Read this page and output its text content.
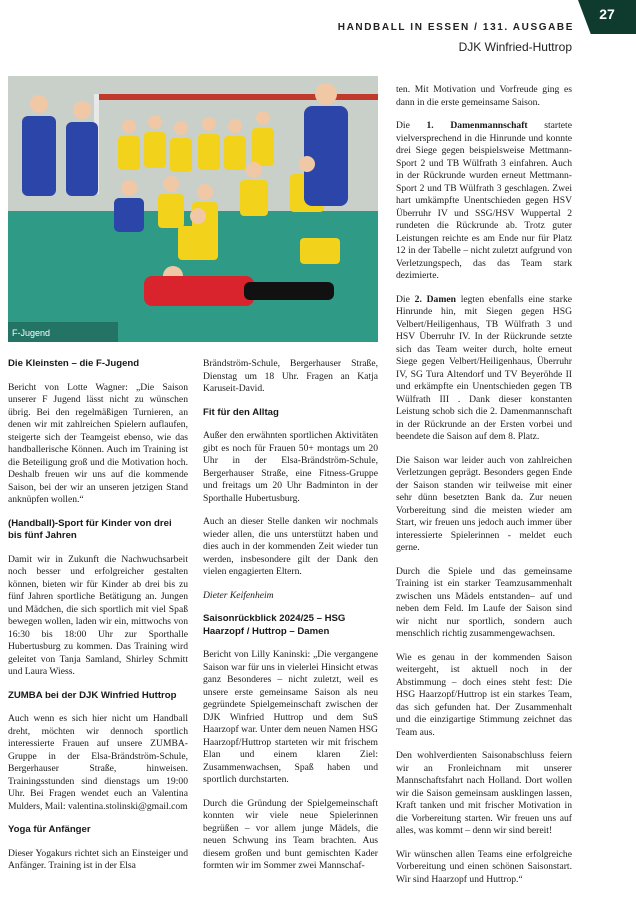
HANDBALL IN ESSEN / 131. AUSGABE
DJK Winfried-Huttrop
27
F-Jugend
Die Kleinsten – die F-Jugend

Bericht von Lotte Wagner: „Die Saison unserer F Jugend lässt nicht zu wünschen übrig. Bei den regelmäßigen Turnieren, an denen wir mit zahlreichen Spielern auflaufen, steigerte sich der Teamgeist ebenso, wie das handballerische Können. Auch im Training ist die Beteiligung groß und die Motivation hoch. Deshalb freuen wir uns auf die kommende Saison, bei der wir an unseren jetzigen Stand anknüpfen wollen.“

(Handball)-Sport für Kinder von drei bis fünf Jahren

Damit wir in Zukunft die Nachwuchsarbeit noch besser und erfolgreicher gestalten können, bieten wir für Kinder ab drei bis zu fünf Jahren sportliche Betätigung an. Jungen und Mädchen, die sich sportlich mit viel Spaß bewegen wollen, laden wir ein, mittwochs von 16:30 bis 18:00 Uhr zur Sporthalle Hubertusburg zu kommen. Das Training wird geleitet von Tanja Samland, Shirley Schmitt und Laura Wiess.

ZUMBA bei der DJK Winfried Huttrop

Auch wenn es sich hier nicht um Handball dreht, möchten wir dennoch sportlich interessierte Frauen auf unsere ZUMBA-Gruppe in der Elsa-Brändström-Schule, Bergerhauser Straße, hinweisen. Trainingsstunden sind dienstags um 19:00 Uhr. Bei Fragen wendet euch an Valentina Mulders, Mail: valentina.stolinski@gmail.com

Yoga für Anfänger

Dieser Yogakurs richtet sich an Einsteiger und Anfänger. Training ist in der Elsa

Brändström-Schule, Bergerhauser Straße, Dienstag um 18 Uhr. Fragen an Katja Karuseit-David.

Fit für den Alltag

Außer den erwähnten sportlichen Aktivitäten gibt es noch für Frauen 50+ montags um 20 Uhr in der Elsa-Brändström-Schule, Bergerhauser Straße, eine Fitness-Gruppe und freitags um 20 Uhr Badminton in der Sporthalle Hubertusburg.

Auch an dieser Stelle danken wir nochmals wieder allen, die uns unterstützt haben und dies auch in der kommenden Zeit wieder tun werden, insbesondere gilt der Dank den vielen engagierten Eltern.

Dieter Keifenheim

Saisonrückblick 2024/25 – HSG Haarzopf / Huttrop – Damen

Bericht von Lilly Kaninski: „Die vergangene Saison war für uns in vielerlei Hinsicht etwas ganz Besonderes – nicht zuletzt, weil es unsere erste gemeinsame Saison als neu gegründete Spielgemeinschaft zwischen der DJK Winfried Huttrop und dem SuS Haarzopf war. Unter dem neuen Namen HSG Haarzopf/Huttrop starteten wir mit frischem Elan und einem klaren Ziel: Zusammenwachsen, Spaß haben und sportlich durchstarten.

Durch die Gründung der Spielgemeinschaft konnten wir viele neue Spielerinnen begrüßen – vor allem junge Mädels, die neuen Schwung ins Team brachten. Aus diesem großen und bunt gemischten Kader formten wir im Sommer zwei Mannschaf-

ten. Mit Motivation und Vorfreude ging es dann in die erste gemeinsame Saison.

Die 1. Damenmannschaft startete vielversprechend in die Hinrunde und konnte drei Siege gegen beispielsweise Mettmann-Sport 2 und TB Wülfrath 3 einfahren. Auch in der Rückrunde wurden erneut Mettmann-Sport 2 und TB Wülfrath 3 geschlagen. Zwei hart umkämpfte Unentschieden gegen HSV Überruhr IV und SSG/HSV Wuppertal 2 rundeten die Rückrunde ab. Trotz guter Leistungen reichte es am Ende nur für Platz 12 in der Tabelle – nicht zuletzt aufgrund von Verletzungspech, das das Team stark dezimierte.

Die 2. Damen legten ebenfalls eine starke Hinrunde hin, mit Siegen gegen HSG Velbert/Heiligenhaus, TB Wülfrath 3 und HSV Überruhr IV. In der Rückrunde setzte sich das Team weiter durch, holte erneut Siege gegen Velbert/Heiligenhaus, Überruhr IV, SG Tura Altendorf und TV Beyeröhde II und erkämpfte ein Unentschieden gegen TB Wülfrath III . Dank dieser konstanten Leistung schob sich die 2. Damenmannschaft in der Rückrunde an der Ersten vorbei und beendete die Saison auf dem 8. Platz.

Die Saison war leider auch von zahlreichen Verletzungen geprägt. Besonders gegen Ende der Saison standen wir teilweise mit einer sehr dünn besetzten Bank da. Zur neuen Vorbereitung sind die meisten wieder am Start, wir freuen uns jedoch auch immer über interessierte Spielerinnen - meldet euch gerne.

Durch die Spiele und das gemeinsame Training ist ein starker Teamzusammenhalt zwischen uns Mädels entstanden– auf und neben dem Feld. Im Laufe der Saison sind wir nicht nur sportlich, sondern auch menschlich richtig zusammengewachsen.

Wie es genau in der kommenden Saison weitergeht, ist aktuell noch in der Abstimmung – doch eines steht fest: Die HSG Haarzopf/Huttrop ist ein starkes Team, das sich gefunden hat. Der Zusammenhalt und die einzigartige Stimmung zeichnet das Team aus.

Den wohlverdienten Saisonabschluss feiern wir an Fronleichnam mit unserer Mannschaftsfahrt nach Holland. Dort wollen wir die Saison gemeinsam ausklingen lassen, Kraft tanken und mit frischer Motivation in die Vorbereitung starten. Wir freuen uns auf alles, was kommt – denn wir sind bereit!

Wir wünschen allen Teams eine erfolgreiche Vorbereitung und einen schönen Saisonstart. Wir sind Haarzopf und Huttrop.“
